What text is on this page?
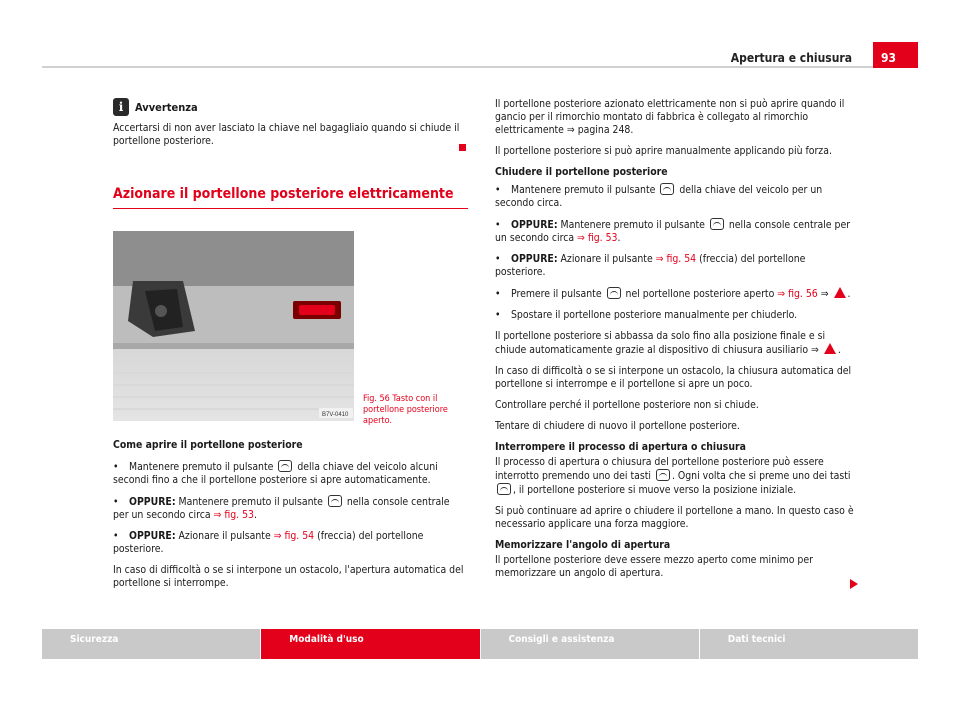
Apertura e chiusura	93
i	Avvertenza
Accertarsi di non aver lasciato la chiave nel bagagliaio quando si chiude il portellone posteriore.
Azionare il portellone posteriore elettricamente
B7V-0410
Fig. 56 Tasto con il portellone posteriore aperto.

Come aprire il portellone posteriore

• Mantenere premuto il pulsante della chiave del veicolo alcuni secondi fino a che il portellone posteriore si apre automaticamente.
• OPPURE: Mantenere premuto il pulsante nella console centrale per un secondo circa ⇒ fig. 53.
• OPPURE: Azionare il pulsante ⇒ fig. 54 (freccia) del portellone posteriore.

In caso di difficoltà o se si interpone un ostacolo, l'apertura automatica del portellone si interrompe.

Il portellone posteriore azionato elettricamente non si può aprire quando il gancio per il rimorchio montato di fabbrica è collegato al rimorchio elettricamente ⇒ pagina 248.

Il portellone posteriore si può aprire manualmente applicando più forza.

Chiudere il portellone posteriore

• Mantenere premuto il pulsante della chiave del veicolo per un secondo circa.
• OPPURE: Mantenere premuto il pulsante nella console centrale per un secondo circa ⇒ fig. 53.
• OPPURE: Azionare il pulsante ⇒ fig. 54 (freccia) del portellone posteriore.
• Premere il pulsante nel portellone posteriore aperto ⇒ fig. 56 ⇒ .
• Spostare il portellone posteriore manualmente per chiuderlo.

Il portellone posteriore si abbassa da solo fino alla posizione finale e si chiude automaticamente grazie al dispositivo di chiusura ausiliario ⇒ .

In caso di difficoltà o se si interpone un ostacolo, la chiusura automatica del portellone si interrompe e il portellone si apre un poco.

Controllare perché il portellone posteriore non si chiude.

Tentare di chiudere di nuovo il portellone posteriore.

Interrompere il processo di apertura o chiusura

Il processo di apertura o chiusura del portellone posteriore può essere interrotto premendo uno dei tasti . Ogni volta che si preme uno dei tasti , il portellone posteriore si muove verso la posizione iniziale.

Si può continuare ad aprire o chiudere il portellone a mano. In questo caso è necessario applicare una forza maggiore.

Memorizzare l'angolo di apertura

Il portellone posteriore deve essere mezzo aperto come minimo per memorizzare un angolo di apertura.

Sicurezza	Modalità d'uso	Consigli e assistenza	Dati tecnici
